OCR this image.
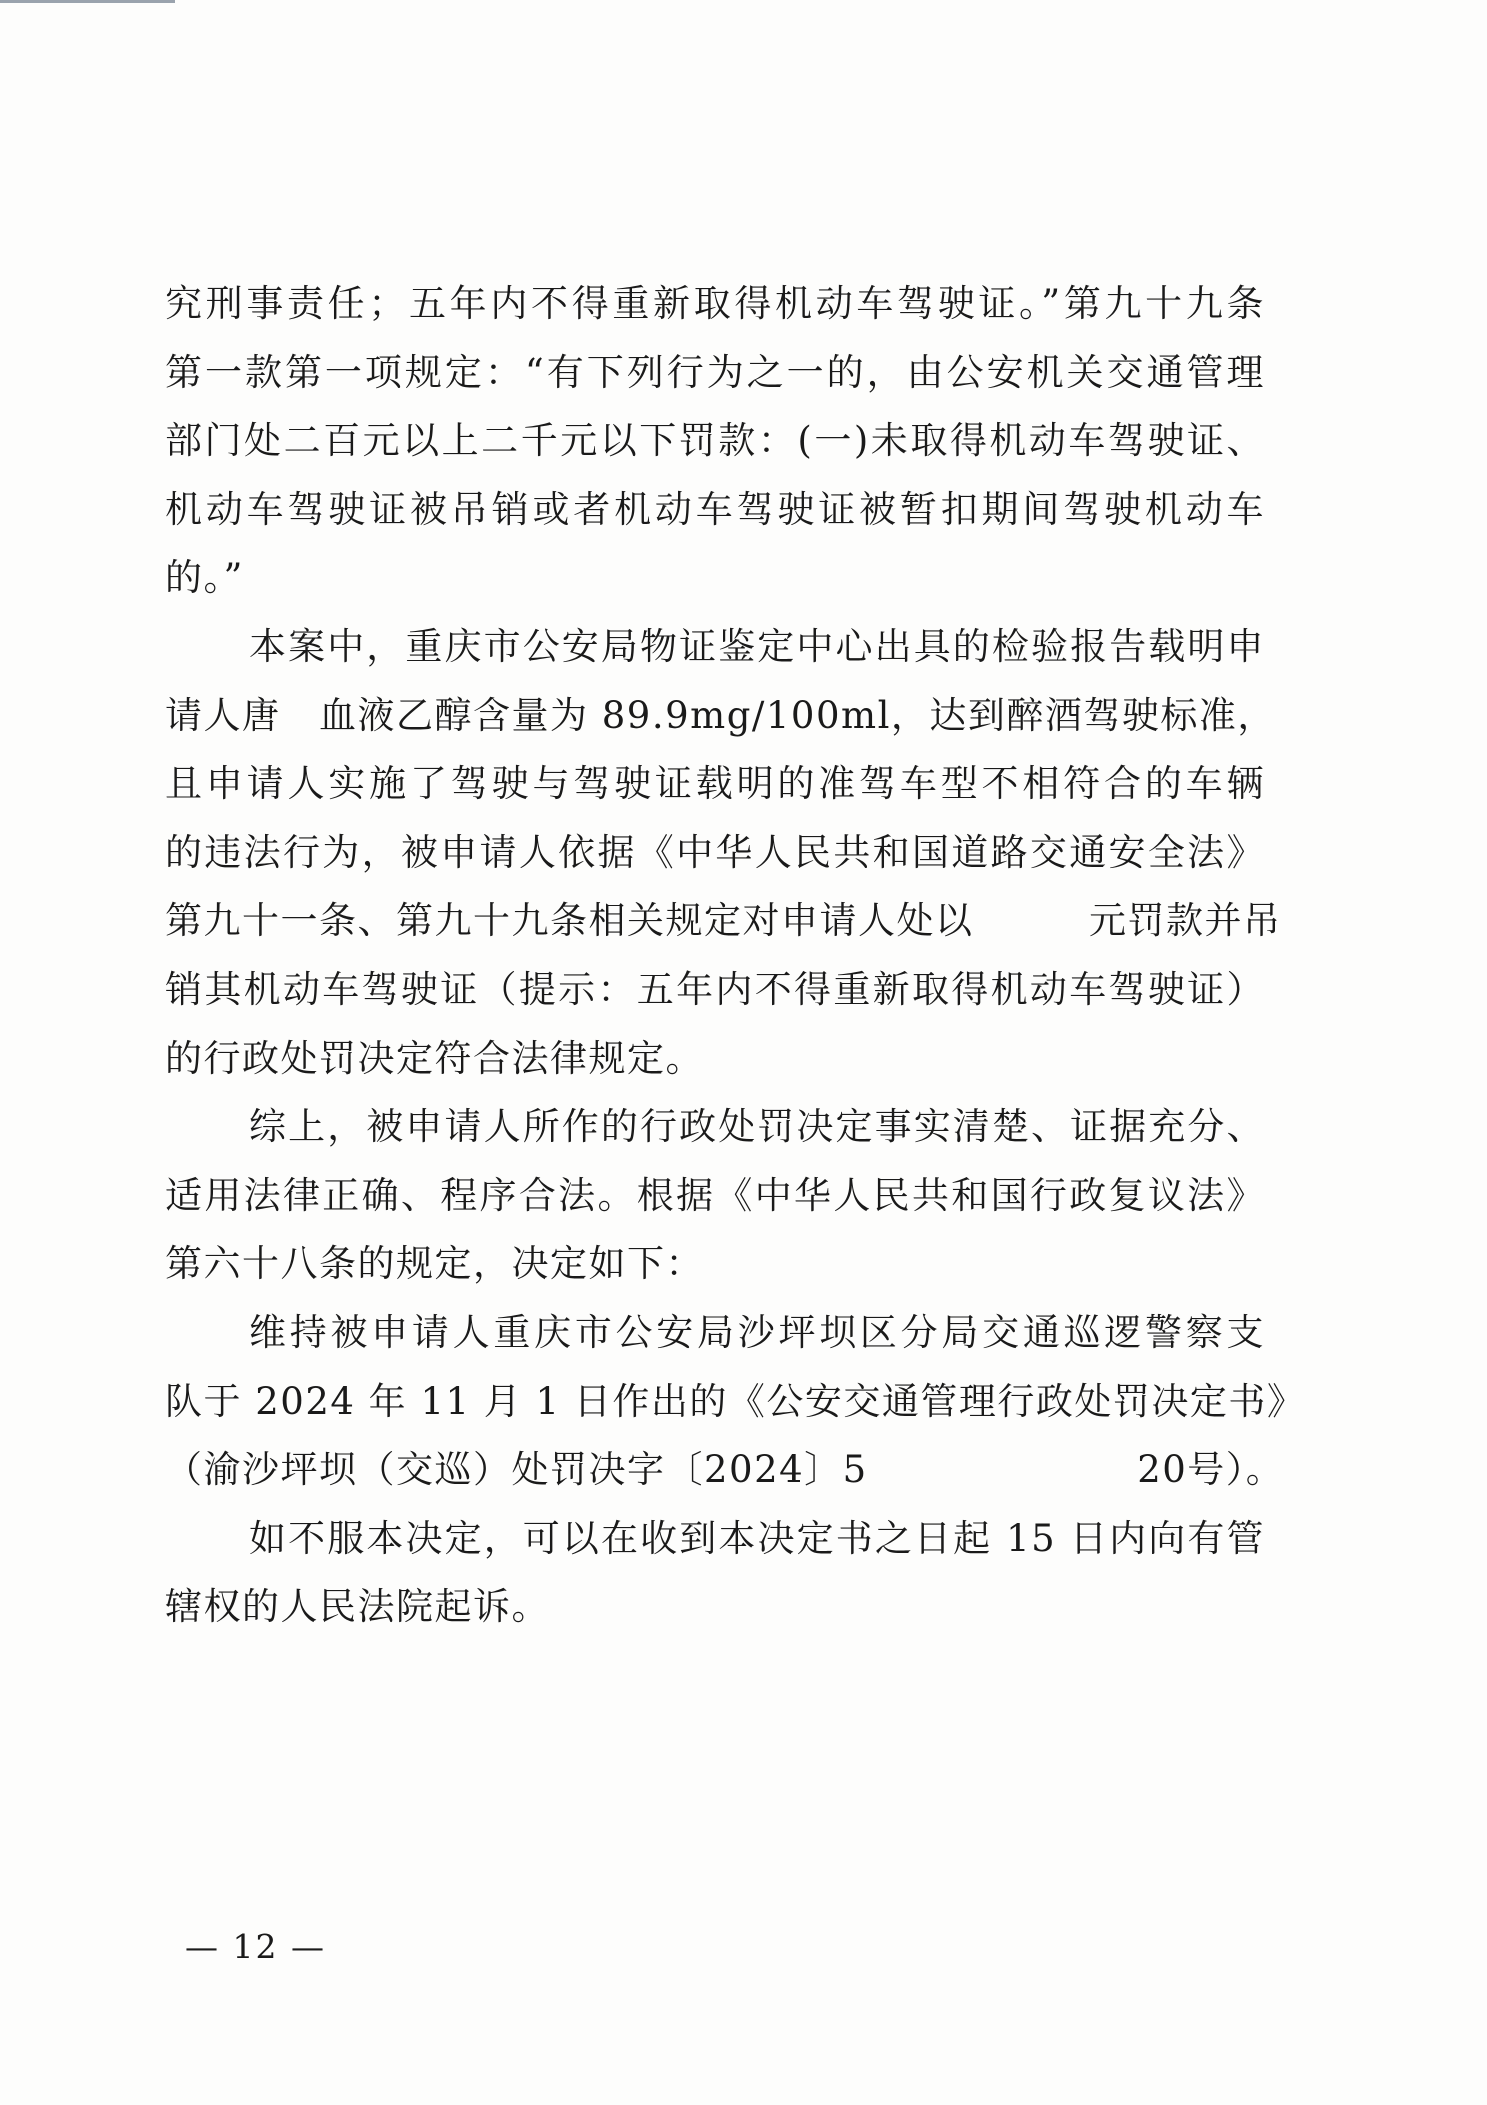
究刑事责任；五年内不得重新取得机动车驾驶证。”第九十九条
第一款第一项规定：“有下列行为之一的，由公安机关交通管理
部门处二百元以上二千元以下罚款：(一)未取得机动车驾驶证、
机动车驾驶证被吊销或者机动车驾驶证被暂扣期间驾驶机动车
的。”
本案中，重庆市公安局物证鉴定中心出具的检验报告载明申
请人唐　血液乙醇含量为 89.9mg/100ml，达到醉酒驾驶标准，
且申请人实施了驾驶与驾驶证载明的准驾车型不相符合的车辆
的违法行为，被申请人依据《中华人民共和国道路交通安全法》
第九十一条、第九十九条相关规定对申请人处以　　　元罚款并吊
销其机动车驾驶证（提示：五年内不得重新取得机动车驾驶证）
的行政处罚决定符合法律规定。
综上，被申请人所作的行政处罚决定事实清楚、证据充分、
适用法律正确、程序合法。根据《中华人民共和国行政复议法》
第六十八条的规定，决定如下：
维持被申请人重庆市公安局沙坪坝区分局交通巡逻警察支
队于 2024 年 11 月 1 日作出的《公安交通管理行政处罚决定书》
（渝沙坪坝（交巡）处罚决字〔2024〕5　　　　　　　20号）。
如不服本决定，可以在收到本决定书之日起 15 日内向有管
辖权的人民法院起诉。
— 12 —
